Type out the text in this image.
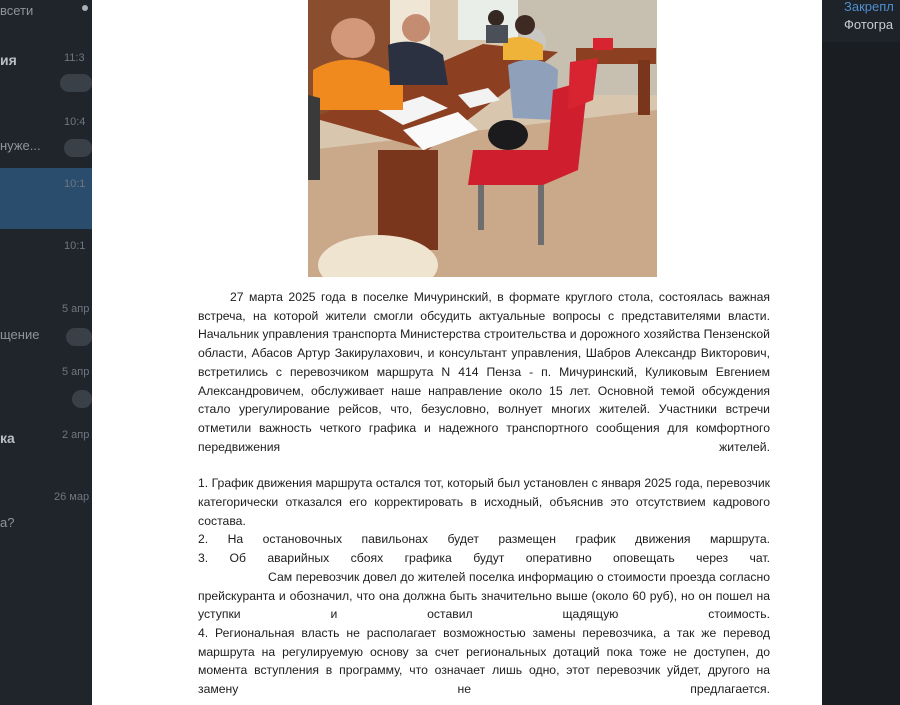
всети
ия
нуже...
щение
ка
а?
11:3
10:4
10:1
10:1
5 апр
5 апр
2 апр
26 мар
Закрепл
Фотогра

27 марта 2025 года в поселке Мичуринский, в формате круглого стола, состоялась важная встреча, на которой жители смогли обсудить актуальные вопросы с представителями власти. Начальник управления транспорта Министерства строительства и дорожного хозяйства Пензенской области, Абасов Артур Закирулахович, и консультант управления, Шабров Александр Викторович, встретились с перевозчиком маршрута N 414 Пенза - п. Мичуринский, Куликовым Евгением Александровичем, обслуживает наше направление около 15 лет. Основной темой обсуждения стало урегулирование рейсов, что, безусловно, волнует многих жителей. Участники встречи отметили важность четкого графика и надежного транспортного сообщения для комфортного передвижения жителей.

1. График движения маршрута остался тот, который был установлен с января 2025 года, перевозчик категорически отказался его корректировать в исходный, объяснив это отсутствием кадрового состава.

2. На остановочных павильонах будет размещен график движения маршрута.

3. Об аварийных сбоях графика будут оперативно оповещать через чат.

Сам перевозчик довел до жителей поселка информацию о стоимости проезда согласно прейскуранта и обозначил, что она должна быть значительно выше (около 60 руб), но он пошел на уступки и оставил щадящую стоимость.

4. Региональная власть не располагает возможностью замены перевозчика, а так же перевод маршрута на регулируемую основу за счет региональных дотаций пока тоже не доступен, до момента вступления в программу, что означает лишь одно, этот перевозчик уйдет, другого на замену не предлагается.
